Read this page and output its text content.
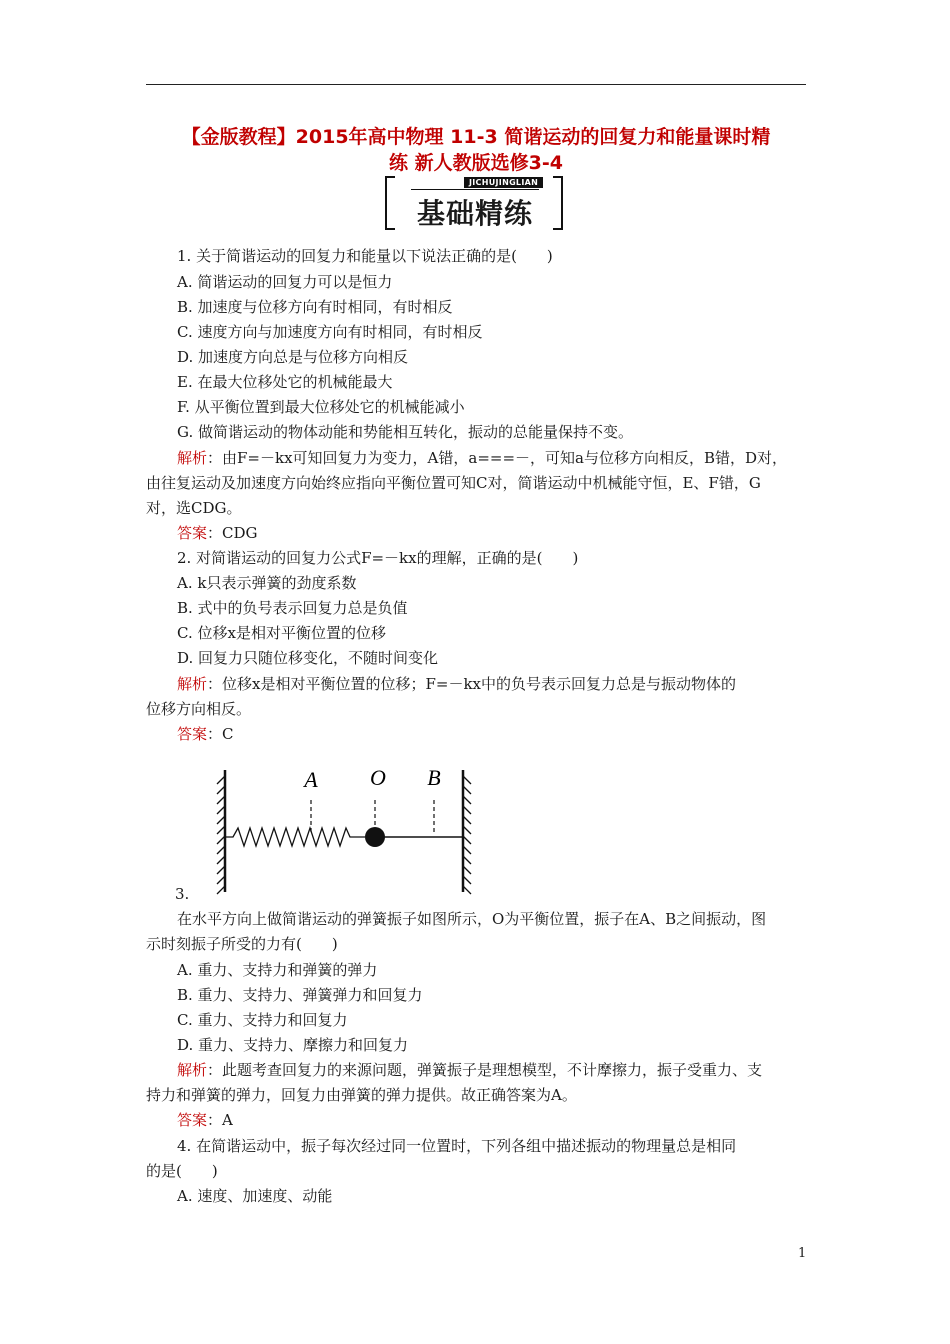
【金版教程】2015年高中物理 11-3 简谐运动的回复力和能量课时精
练 新人教版选修3-4
JICHUJINGLIAN
基础精练
1. 关于简谐运动的回复力和能量以下说法正确的是(　　)
A. 简谐运动的回复力可以是恒力
B. 加速度与位移方向有时相同，有时相反
C. 速度方向与加速度方向有时相同，有时相反
D. 加速度方向总是与位移方向相反
E. 在最大位移处它的机械能最大
F. 从平衡位置到最大位移处它的机械能减小
G. 做简谐运动的物体动能和势能相互转化，振动的总能量保持不变。
解析：由F=－kx可知回复力为变力，A错，a===－，可知a与位移方向相反，B错，D对，
由往复运动及加速度方向始终应指向平衡位置可知C对，简谐运动中机械能守恒，E、F错，G
对，选CDG。
答案：CDG
2. 对简谐运动的回复力公式F=－kx的理解，正确的是(　　)
A. k只表示弹簧的劲度系数
B. 式中的负号表示回复力总是负值
C. 位移x是相对平衡位置的位移
D. 回复力只随位移变化，不随时间变化
解析：位移x是相对平衡位置的位移；F=－kx中的负号表示回复力总是与振动物体的
位移方向相反。
答案：C
A O B
3.
在水平方向上做简谐运动的弹簧振子如图所示，O为平衡位置，振子在A、B之间振动，图
示时刻振子所受的力有(　　)
A. 重力、支持力和弹簧的弹力
B. 重力、支持力、弹簧弹力和回复力
C. 重力、支持力和回复力
D. 重力、支持力、摩擦力和回复力
解析：此题考查回复力的来源问题，弹簧振子是理想模型，不计摩擦力，振子受重力、支
持力和弹簧的弹力，回复力由弹簧的弹力提供。故正确答案为A。
答案：A
4. 在简谐运动中，振子每次经过同一位置时，下列各组中描述振动的物理量总是相同
的是(　　)
A. 速度、加速度、动能
1
